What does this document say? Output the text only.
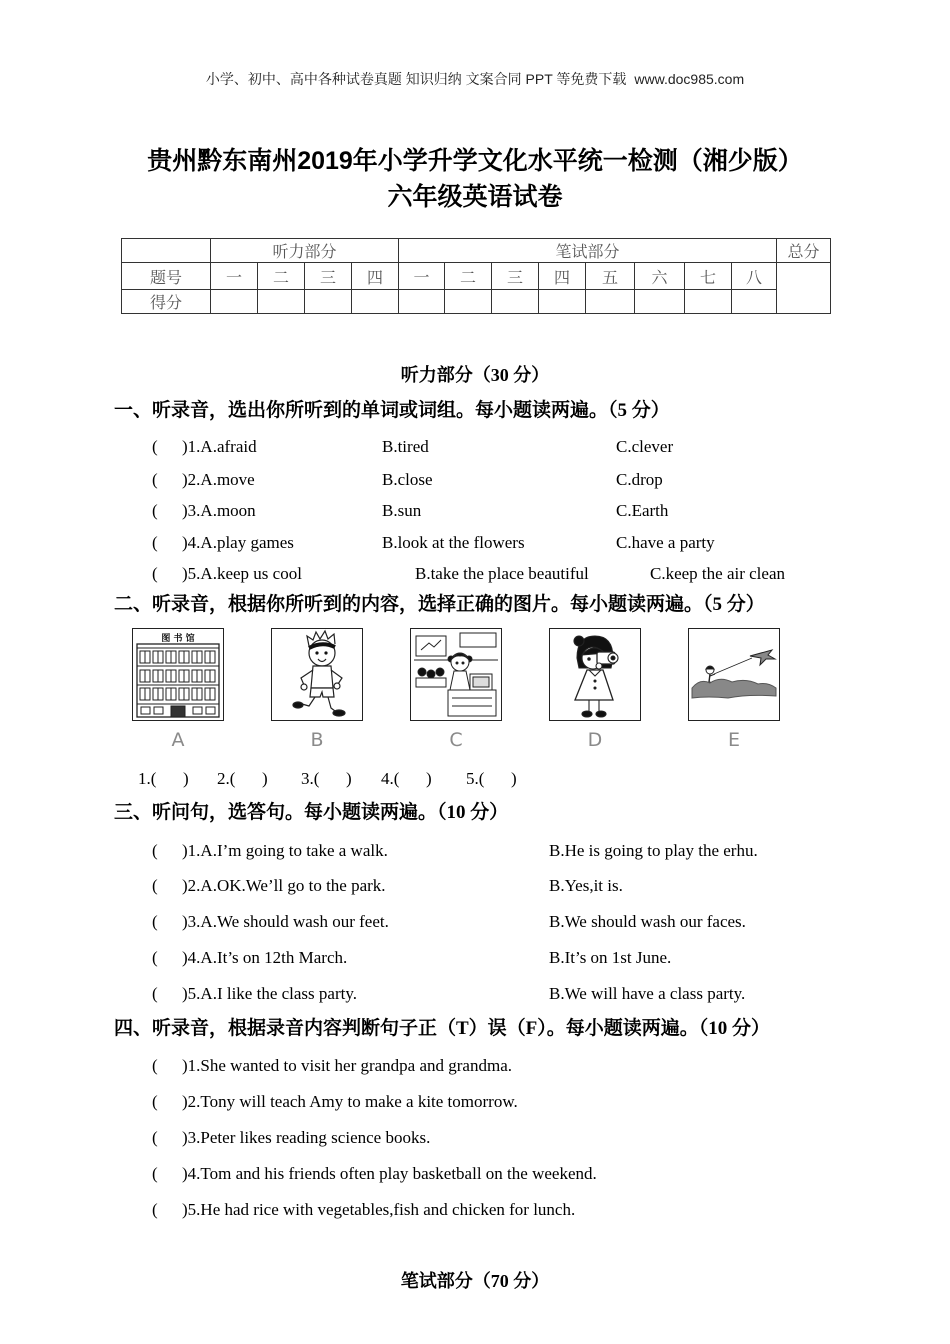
小学、初中、高中各种试卷真题 知识归纳 文案合同 PPT 等免费下载 www.doc985.com
贵州黔东南州2019年小学升学文化水平统一检测（湘少版）
六年级英语试卷
	听力部分				笔试部分								总分
题号	一	二	三	四	一	二	三	四	五	六	七	八	
得分													
听力部分（30 分）
一、听录音，选出你所听到的单词或词组。每小题读两遍。（5 分）
( )1.A.afraid	B.tired	C.clever
( )2.A.move	B.close	C.drop
( )3.A.moon	B.sun	C.Earth
( )4.A.play games	B.look at the flowers	C.have a party
( )5.A.keep us cool	B.take the place beautiful	C.keep the air clean
二、听录音，根据你所听到的内容，选择正确的图片。每小题读两遍。（5 分）
图 书 馆
A	B	C	D	E
1.( ) 2.( ) 3.( ) 4.( ) 5.( )
三、听问句，选答句。每小题读两遍。（10 分）
( )1.A.I’m going to take a walk.	B.He is going to play the erhu.
( )2.A.OK.We’ll go to the park.	B.Yes,it is.
( )3.A.We should wash our feet.	B.We should wash our faces.
( )4.A.It’s on 12th March.	B.It’s on 1st June.
( )5.A.I like the class party.	B.We will have a class party.
四、听录音，根据录音内容判断句子正（T）误（F）。每小题读两遍。（10 分）
( )1.She wanted to visit her grandpa and grandma.
( )2.Tony will teach Amy to make a kite tomorrow.
( )3.Peter likes reading science books.
( )4.Tom and his friends often play basketball on the weekend.
( )5.He had rice with vegetables,fish and chicken for lunch.
笔试部分（70 分）
